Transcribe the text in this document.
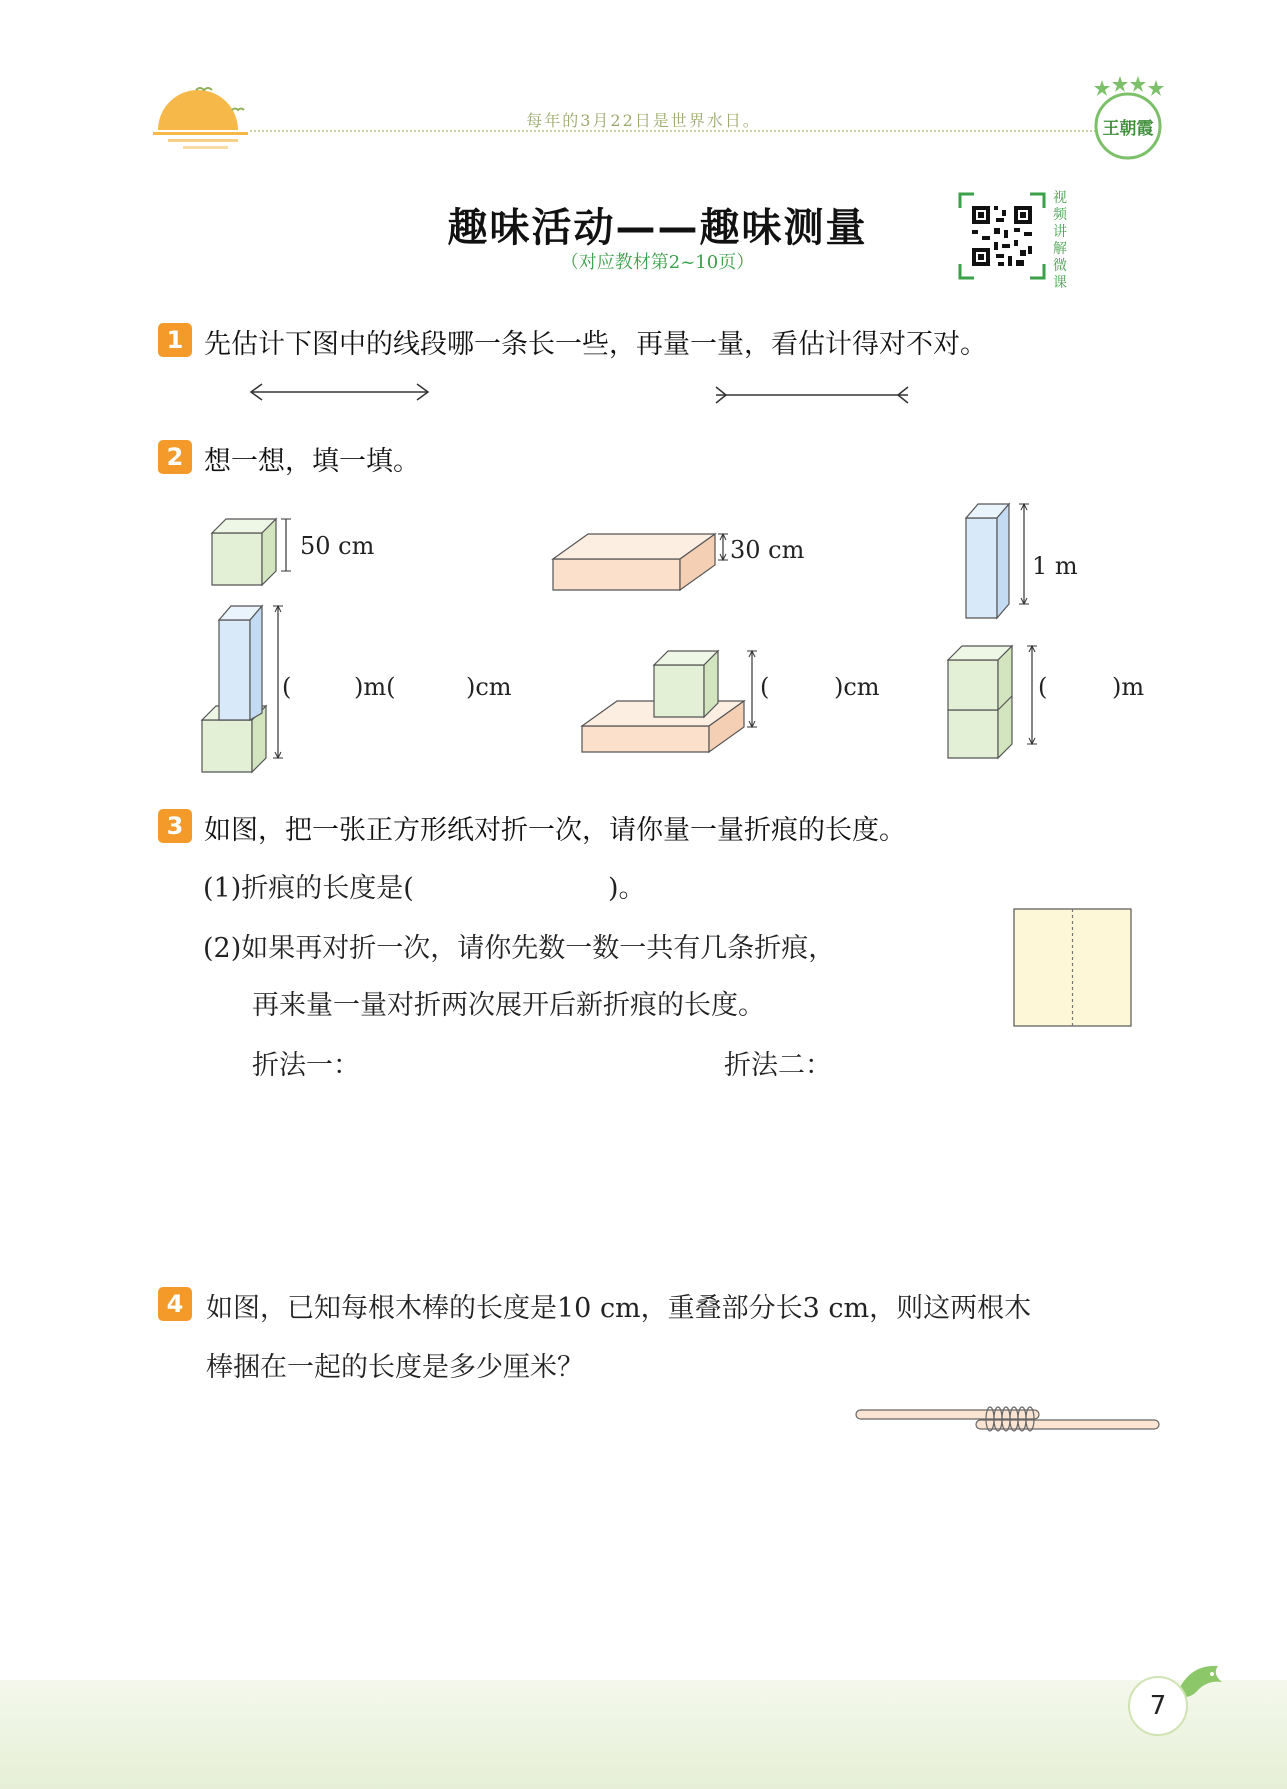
每年的3月22日是世界水日。	王朝霞
趣味活动——趣味测量
（对应教材第2~10页）
视
频
讲
解
微
课
1 先估计下图中的线段哪一条长一些，再量一量，看估计得对不对。
2 想一想，填一填。
50 cm	30 cm
1 m
(	)m(	)cm	(	)cm	(	)m
3 如图，把一张正方形纸对折一次，请你量一量折痕的长度。
(1)折痕的长度是(	)。
(2)如果再对折一次，请你先数一数一共有几条折痕，
再来量一量对折两次展开后新折痕的长度。
折法一：	折法二：
4 如图，已知每根木棒的长度是10 cm，重叠部分长3 cm，则这两根木
棒捆在一起的长度是多少厘米？
7
